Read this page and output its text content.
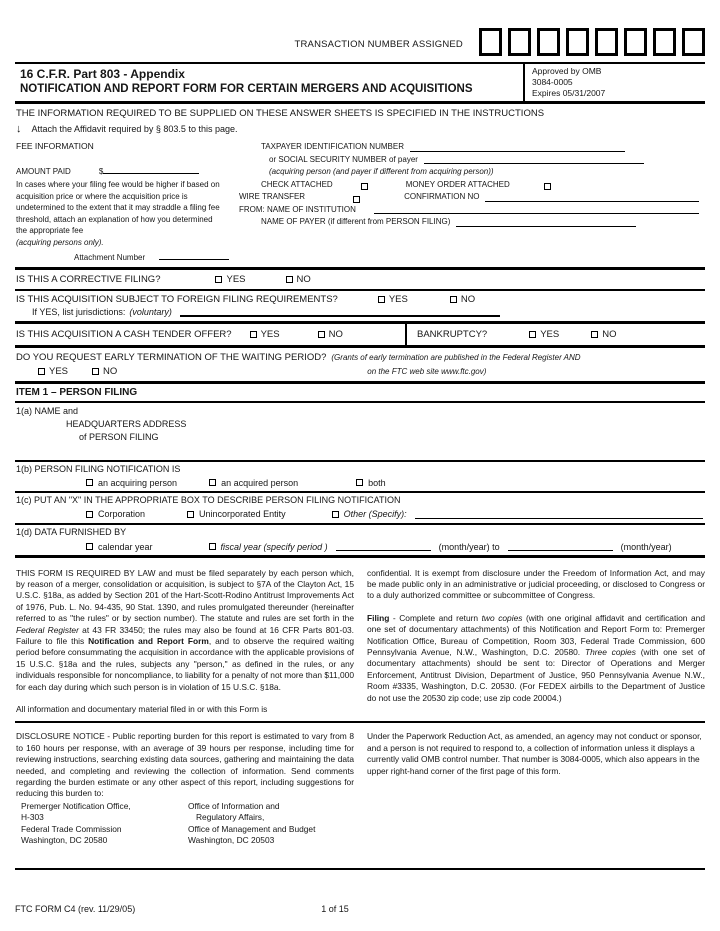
TRANSACTION NUMBER ASSIGNED
16 C.F.R. Part 803 - Appendix
NOTIFICATION AND REPORT FORM FOR CERTAIN MERGERS AND ACQUISITIONS
Approved by OMB
3084-0005
Expires 05/31/2007
THE INFORMATION REQUIRED TO BE SUPPLIED ON THESE ANSWER SHEETS IS SPECIFIED IN THE INSTRUCTIONS
↓ Attach the Affidavit required by § 803.5 to this page.
FEE INFORMATION
AMOUNT PAID	$
In cases where your filing fee would be higher if based on acquisition price or where the acquisition price is undetermined to the extent that it may straddle a filing fee threshold, attach an explanation of how you determined the appropriate fee
(acquiring persons only).
Attachment Number
TAXPAYER IDENTIFICATION NUMBER
or SOCIAL SECURITY NUMBER of payer
(acquiring person (and payer if different from acquiring person))
CHECK ATTACHED	MONEY ORDER ATTACHED
WIRE TRANSFER	CONFIRMATION NO
FROM: NAME OF INSTITUTION
NAME OF PAYER (if different from PERSON FILING)
IS THIS A CORRECTIVE FILING?	YES	NO
IS THIS ACQUISITION SUBJECT TO FOREIGN FILING REQUIREMENTS?	YES	NO
If YES, list jurisdictions: (voluntary)
IS THIS ACQUISITION A CASH TENDER OFFER?	YES	NO	BANKRUPTCY?	YES	NO
DO YOU REQUEST EARLY TERMINATION OF THE WAITING PERIOD? (Grants of early termination are published in the Federal Register AND
YES	NO	on the FTC web site www.ftc.gov)
ITEM 1 – PERSON FILING
1(a) NAME and
HEADQUARTERS ADDRESS
of PERSON FILING
1(b) PERSON FILING NOTIFICATION IS
an acquiring person	an acquired person	both
1(c) PUT AN "X" IN THE APPROPRIATE BOX TO DESCRIBE PERSON FILING NOTIFICATION
Corporation	Unincorporated Entity	Other (Specify):
1(d) DATA FURNISHED BY
calendar year	fiscal year (specify period )	(month/year) to	(month/year)

THIS FORM IS REQUIRED BY LAW and must be filed separately by each person which, by reason of a merger, consolidation or acquisition, is subject to §7A of the Clayton Act, 15 U.S.C. §18a, as added by Section 201 of the Hart-Scott-Rodino Antitrust Improvements Act of 1976, Pub. L. No. 94-435, 90 Stat. 1390, and rules promulgated thereunder (hereinafter referred to as "the rules" or by section number). The statute and rules are set forth in the Federal Register at 43 FR 33450; the rules may also be found at 16 CFR Parts 801-03. Failure to file this Notification and Report Form, and to observe the required waiting period before consummating the acquisition in accordance with the applicable provisions of 15 U.S.C. §18a and the rules, subjects any "person," as defined in the rules, or any individuals responsible for noncompliance, to liability for a penalty of not more than $11,000 for each day during which such person is in violation of 15 U.S.C. §18a.

All information and documentary material filed in or with this Form is

confidential. It is exempt from disclosure under the Freedom of Information Act, and may be made public only in an administrative or judicial proceeding, or disclosed to Congress or to a duly authorized committee or subcommittee of Congress.

Filing - Complete and return two copies (with one original affidavit and certification and one set of documentary attachments) of this Notification and Report Form to: Premerger Notification Office, Bureau of Competition, Room 303, Federal Trade Commission, 600 Pennsylvania Avenue, N.W., Washington, D.C. 20580. Three copies (with one set of documentary attachments) should be sent to: Director of Operations and Merger Enforcement, Antitrust Division, Department of Justice, 950 Pennsylvania Avenue N.W., Room #3335, Washington, D.C. 20530. (For FEDEX airbills to the Department of Justice do not use the 20530 zip code; use zip code 20004.)

DISCLOSURE NOTICE - Public reporting burden for this report is estimated to vary from 8 to 160 hours per response, with an average of 39 hours per response, including time for reviewing instructions, searching existing data sources, gathering and maintaining the data needed, and completing and reviewing the collection of information. Send comments regarding the burden estimate or any other aspect of this report, including suggestions for reducing this burden to:
Premerger Notification Office,
H-303
Federal Trade Commission
Washington, DC 20580
Office of Information and
Regulatory Affairs,
Office of Management and Budget
Washington, DC 20503
Under the Paperwork Reduction Act, as amended, an agency may not conduct or sponsor, and a person is not required to respond to, a collection of information unless it displays a currently valid OMB control number. That number is 3084-0005, which also appears in the upper right-hand corner of the first page of this form.
FTC FORM C4 (rev. 11/29/05)	1 of 15
